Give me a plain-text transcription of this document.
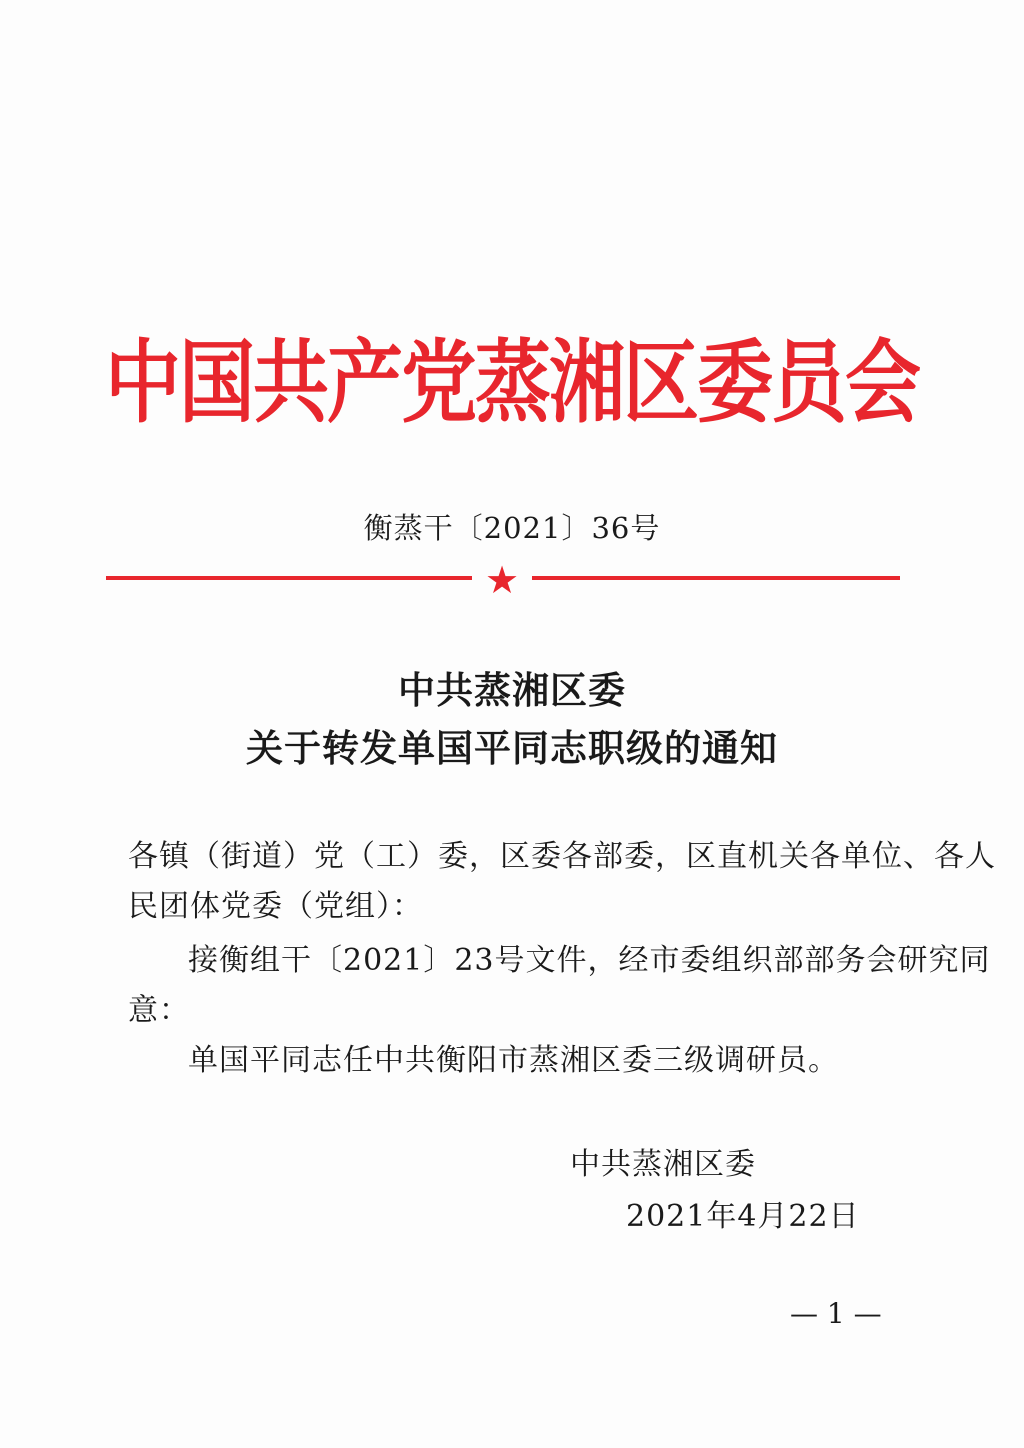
中国共产党蒸湘区委员会
衡蒸干〔2021〕36号
★
中共蒸湘区委
关于转发单国平同志职级的通知
各镇（街道）党（工）委，区委各部委，区直机关各单位、各人
民团体党委（党组）：
接衡组干〔2021〕23号文件，经市委组织部部务会研究同
意：
单国平同志任中共衡阳市蒸湘区委三级调研员。
中共蒸湘区委
2021年4月22日
— 1 —
